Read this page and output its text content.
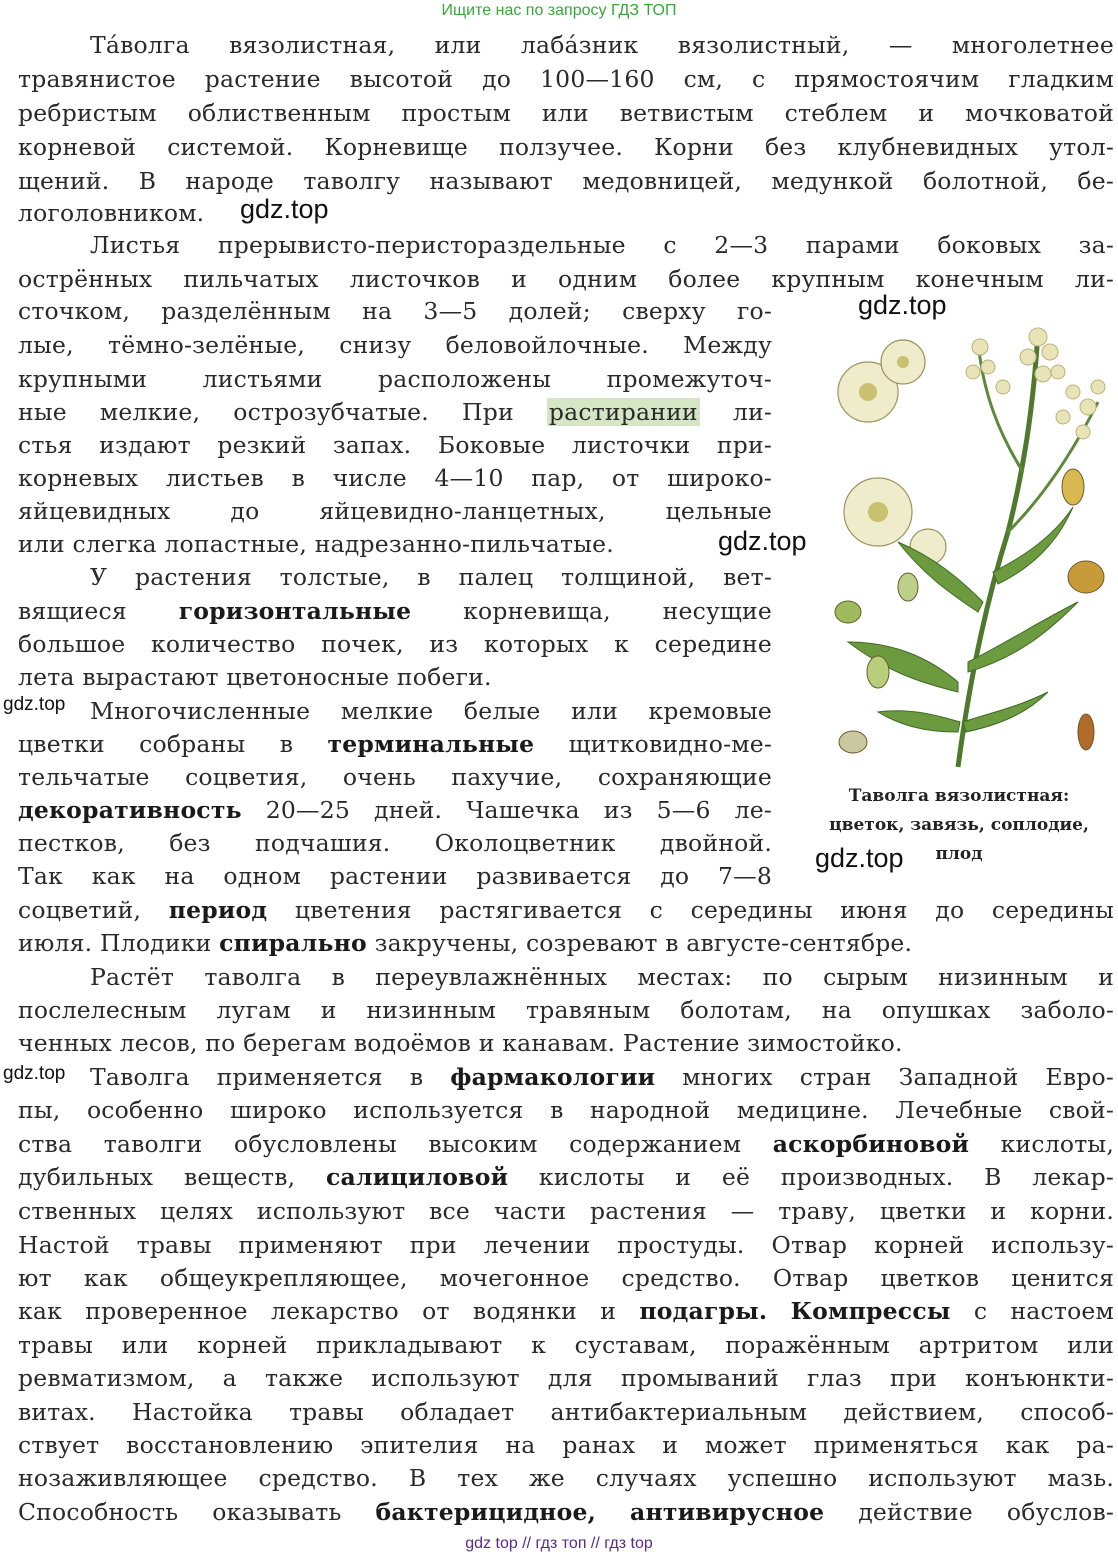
Ищите нас по запросу ГДЗ ТОП
Тáволга вязолистная, или лабáзник вязолистный, — многолетнее
травянистое растение высотой до 100—160 см, с прямостоячим гладким
ребристым облиственным простым или ветвистым стеблем и мочковатой
корневой системой. Корневище ползучее. Корни без клубневидных утол-
щений. В народе таволгу называют медовницей, медункой болотной, бе-
логоловником.
Листья прерывисто-перистораздельные с 2—3 парами боковых за-
острённых пильчатых листочков и одним более крупным конечным ли-
сточком, разделённым на 3—5 долей; сверху го-
лые, тёмно-зелёные, снизу беловойлочные. Между
крупными листьями расположены промежуточ-
ные мелкие, острозубчатые. При растирании ли-
стья издают резкий запах. Боковые листочки при-
корневых листьев в числе 4—10 пар, от широко-
яйцевидных до яйцевидно-ланцетных, цельные
или слегка лопастные, надрезанно-пильчатые.
У растения толстые, в палец толщиной, вет-
вящиеся горизонтальные корневища, несущие
большое количество почек, из которых к середине
лета вырастают цветоносные побеги.
Многочисленные мелкие белые или кремовые
цветки собраны в терминальные щитковидно-ме-
тельчатые соцветия, очень пахучие, сохраняющие
декоративность 20—25 дней. Чашечка из 5—6 ле-
пестков, без подчашия. Околоцветник двойной.
Так как на одном растении развивается до 7—8
соцветий, период цветения растягивается с середины июня до середины
июля. Плодики спирально закручены, созревают в августе-сентябре.
Растёт таволга в переувлажнённых местах: по сырым низинным и
послелесным лугам и низинным травяным болотам, на опушках заболо-
ченных лесов, по берегам водоёмов и канавам. Растение зимостойко.
Таволга применяется в фармакологии многих стран Западной Евро-
пы, особенно широко используется в народной медицине. Лечебные свой-
ства таволги обусловлены высоким содержанием аскорбиновой кислоты,
дубильных веществ, салициловой кислоты и её производных. В лекар-
ственных целях используют все части растения — траву, цветки и корни.
Настой травы применяют при лечении простуды. Отвар корней использу-
ют как общеукрепляющее, мочегонное средство. Отвар цветков ценится
как проверенное лекарство от водянки и подагры. Компрессы с настоем
травы или корней прикладывают к суставам, поражённым артритом или
ревматизмом, а также используют для промываний глаз при конъюнкти-
витах. Настойка травы обладает антибактериальным действием, способ-
ствует восстановлению эпителия на ранах и может применяться как ра-
нозаживляющее средство. В тех же случаях успешно используют мазь.
Способность оказывать бактерицидное, антивирусное действие обуслов-
Таволга вязолистная:
цветок, завязь, соплодие,
плод
gdz.top
gdz.top
gdz.top
gdz.top
gdz.top
gdz.top
gdz top // гдз топ // гдз top
